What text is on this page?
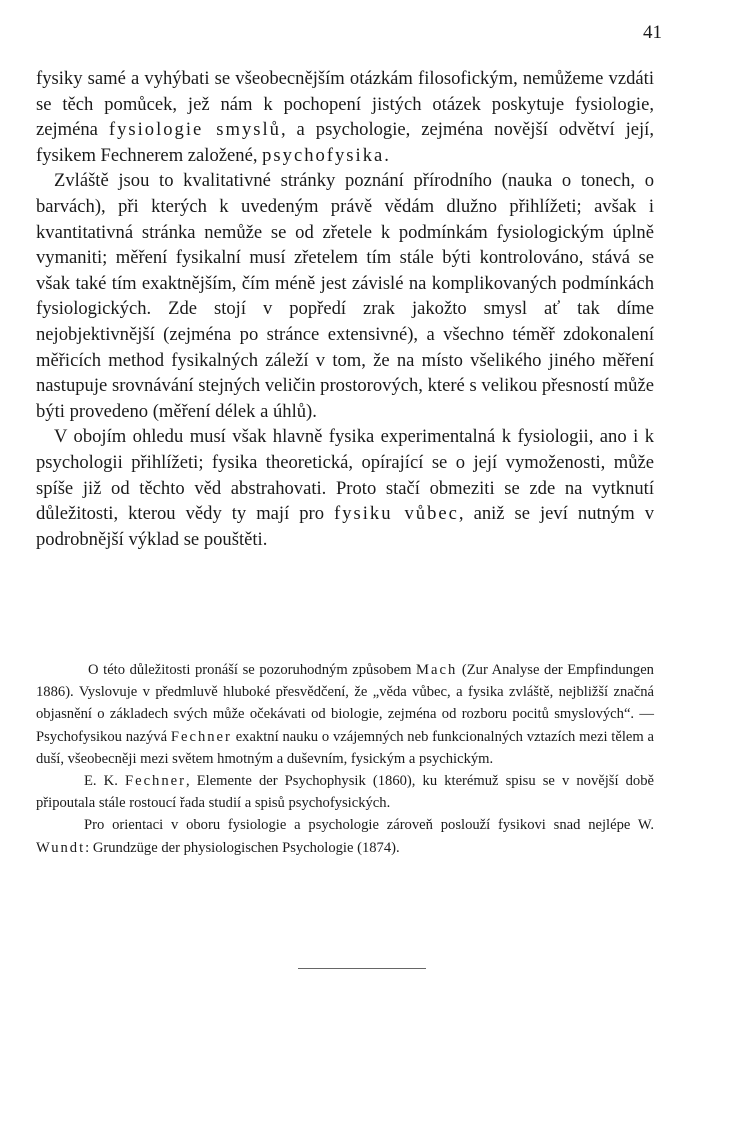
41

fysiky samé a vyhýbati se všeobecnějším otázkám filosofickým, nemůžeme vzdáti se těch pomůcek, jež nám k pochopení jistých otázek poskytuje fysiologie, zejména fysiologie smyslů, a psychologie, zejména novější odvětví její, fysikem Fechnerem založené, psychofysika.

Zvláště jsou to kvalitativné stránky poznání přírodního (nauka o tonech, o barvách), při kterých k uvedeným právě vědám dlužno přihlížeti; avšak i kvantitativná stránka nemůže se od zřetele k podmínkám fysiologickým úplně vymaniti; měření fysikalní musí zřetelem tím stále býti kontrolováno, stává se však také tím exaktnějším, čím méně jest závislé na komplikovaných podmínkách fysiologických. Zde stojí v popředí zrak jakožto smysl ať tak díme nejobjektivnější (zejména po stránce extensivné), a všechno téměř zdokonalení měřicích method fysikalných záleží v tom, že na místo všelikého jiného měření nastupuje srovnávání stejných veličin prostorových, které s velikou přesností může býti provedeno (měření délek a úhlů).

V obojím ohledu musí však hlavně fysika experimentalná k fysiologii, ano i k psychologii přihlížeti; fysika theoretická, opírající se o její vymoženosti, může spíše již od těchto věd abstrahovati. Proto stačí obmeziti se zde na vytknutí důležitosti, kterou vědy ty mají pro fysiku vůbec, aniž se jeví nutným v podrobnější výklad se pouštěti.

O této důležitosti pronáší se pozoruhodným způsobem Mach (Zur Analyse der Empfindungen 1886). Vyslovuje v předmluvě hluboké přesvědčení, že „věda vůbec, a fysika zvláště, nejbližší značná objasnění o základech svých může očekávati od biologie, zejména od rozboru pocitů smyslových“. — Psychofysikou nazývá Fechner exaktní nauku o vzájemných neb funkcionalných vztazích mezi tělem a duší, všeobecněji mezi světem hmotným a duševním, fysickým a psychickým.

E. K. Fechner, Elemente der Psychophysik (1860), ku kterémuž spisu se v novější době připoutala stále rostoucí řada studií a spisů psychofysických.

Pro orientaci v oboru fysiologie a psychologie zároveň poslouží fysikovi snad nejlépe W. Wundt: Grundzüge der physiologischen Psychologie (1874).
